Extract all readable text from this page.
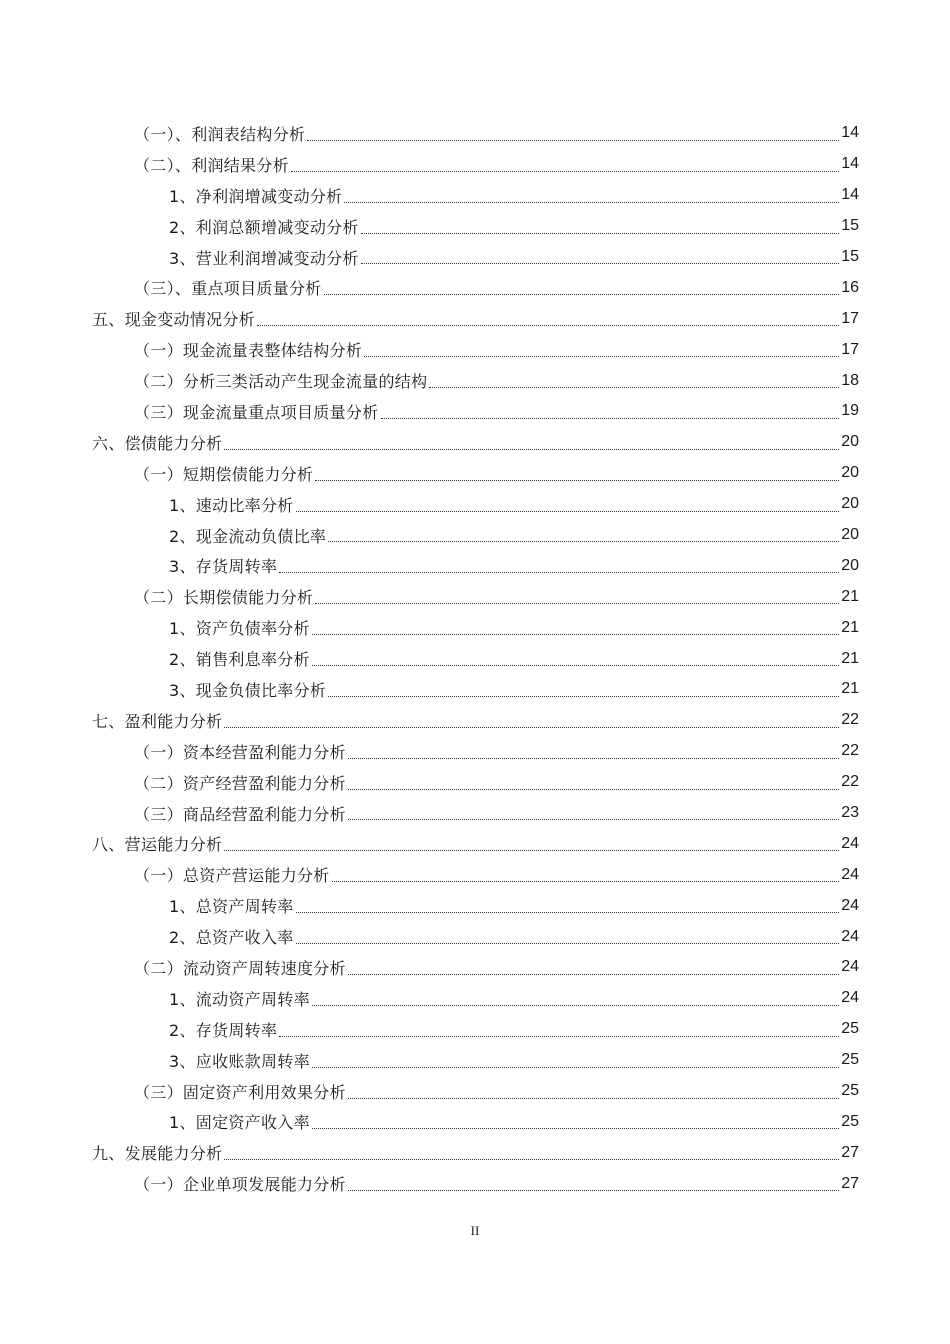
（一）、利润表结构分析	14
（二）、利润结果分析	14
1、净利润增减变动分析	14
2、利润总额增减变动分析	15
3、营业利润增减变动分析	15
（三）、重点项目质量分析	16
五、现金变动情况分析	17
（一）现金流量表整体结构分析	17
（二）分析三类活动产生现金流量的结构	18
（三）现金流量重点项目质量分析	19
六、偿债能力分析	20
（一）短期偿债能力分析	20
1、速动比率分析	20
2、现金流动负债比率	20
3、存货周转率	20
（二）长期偿债能力分析	21
1、资产负债率分析	21
2、销售利息率分析	21
3、现金负债比率分析	21
七、盈利能力分析	22
（一）资本经营盈利能力分析	22
（二）资产经营盈利能力分析	22
（三）商品经营盈利能力分析	23
八、营运能力分析	24
（一）总资产营运能力分析	24
1、总资产周转率	24
2、总资产收入率	24
（二）流动资产周转速度分析	24
1、流动资产周转率	24
2、存货周转率	25
3、应收账款周转率	25
（三）固定资产利用效果分析	25
1、固定资产收入率	25
九、发展能力分析	27
（一）企业单项发展能力分析	27
II
